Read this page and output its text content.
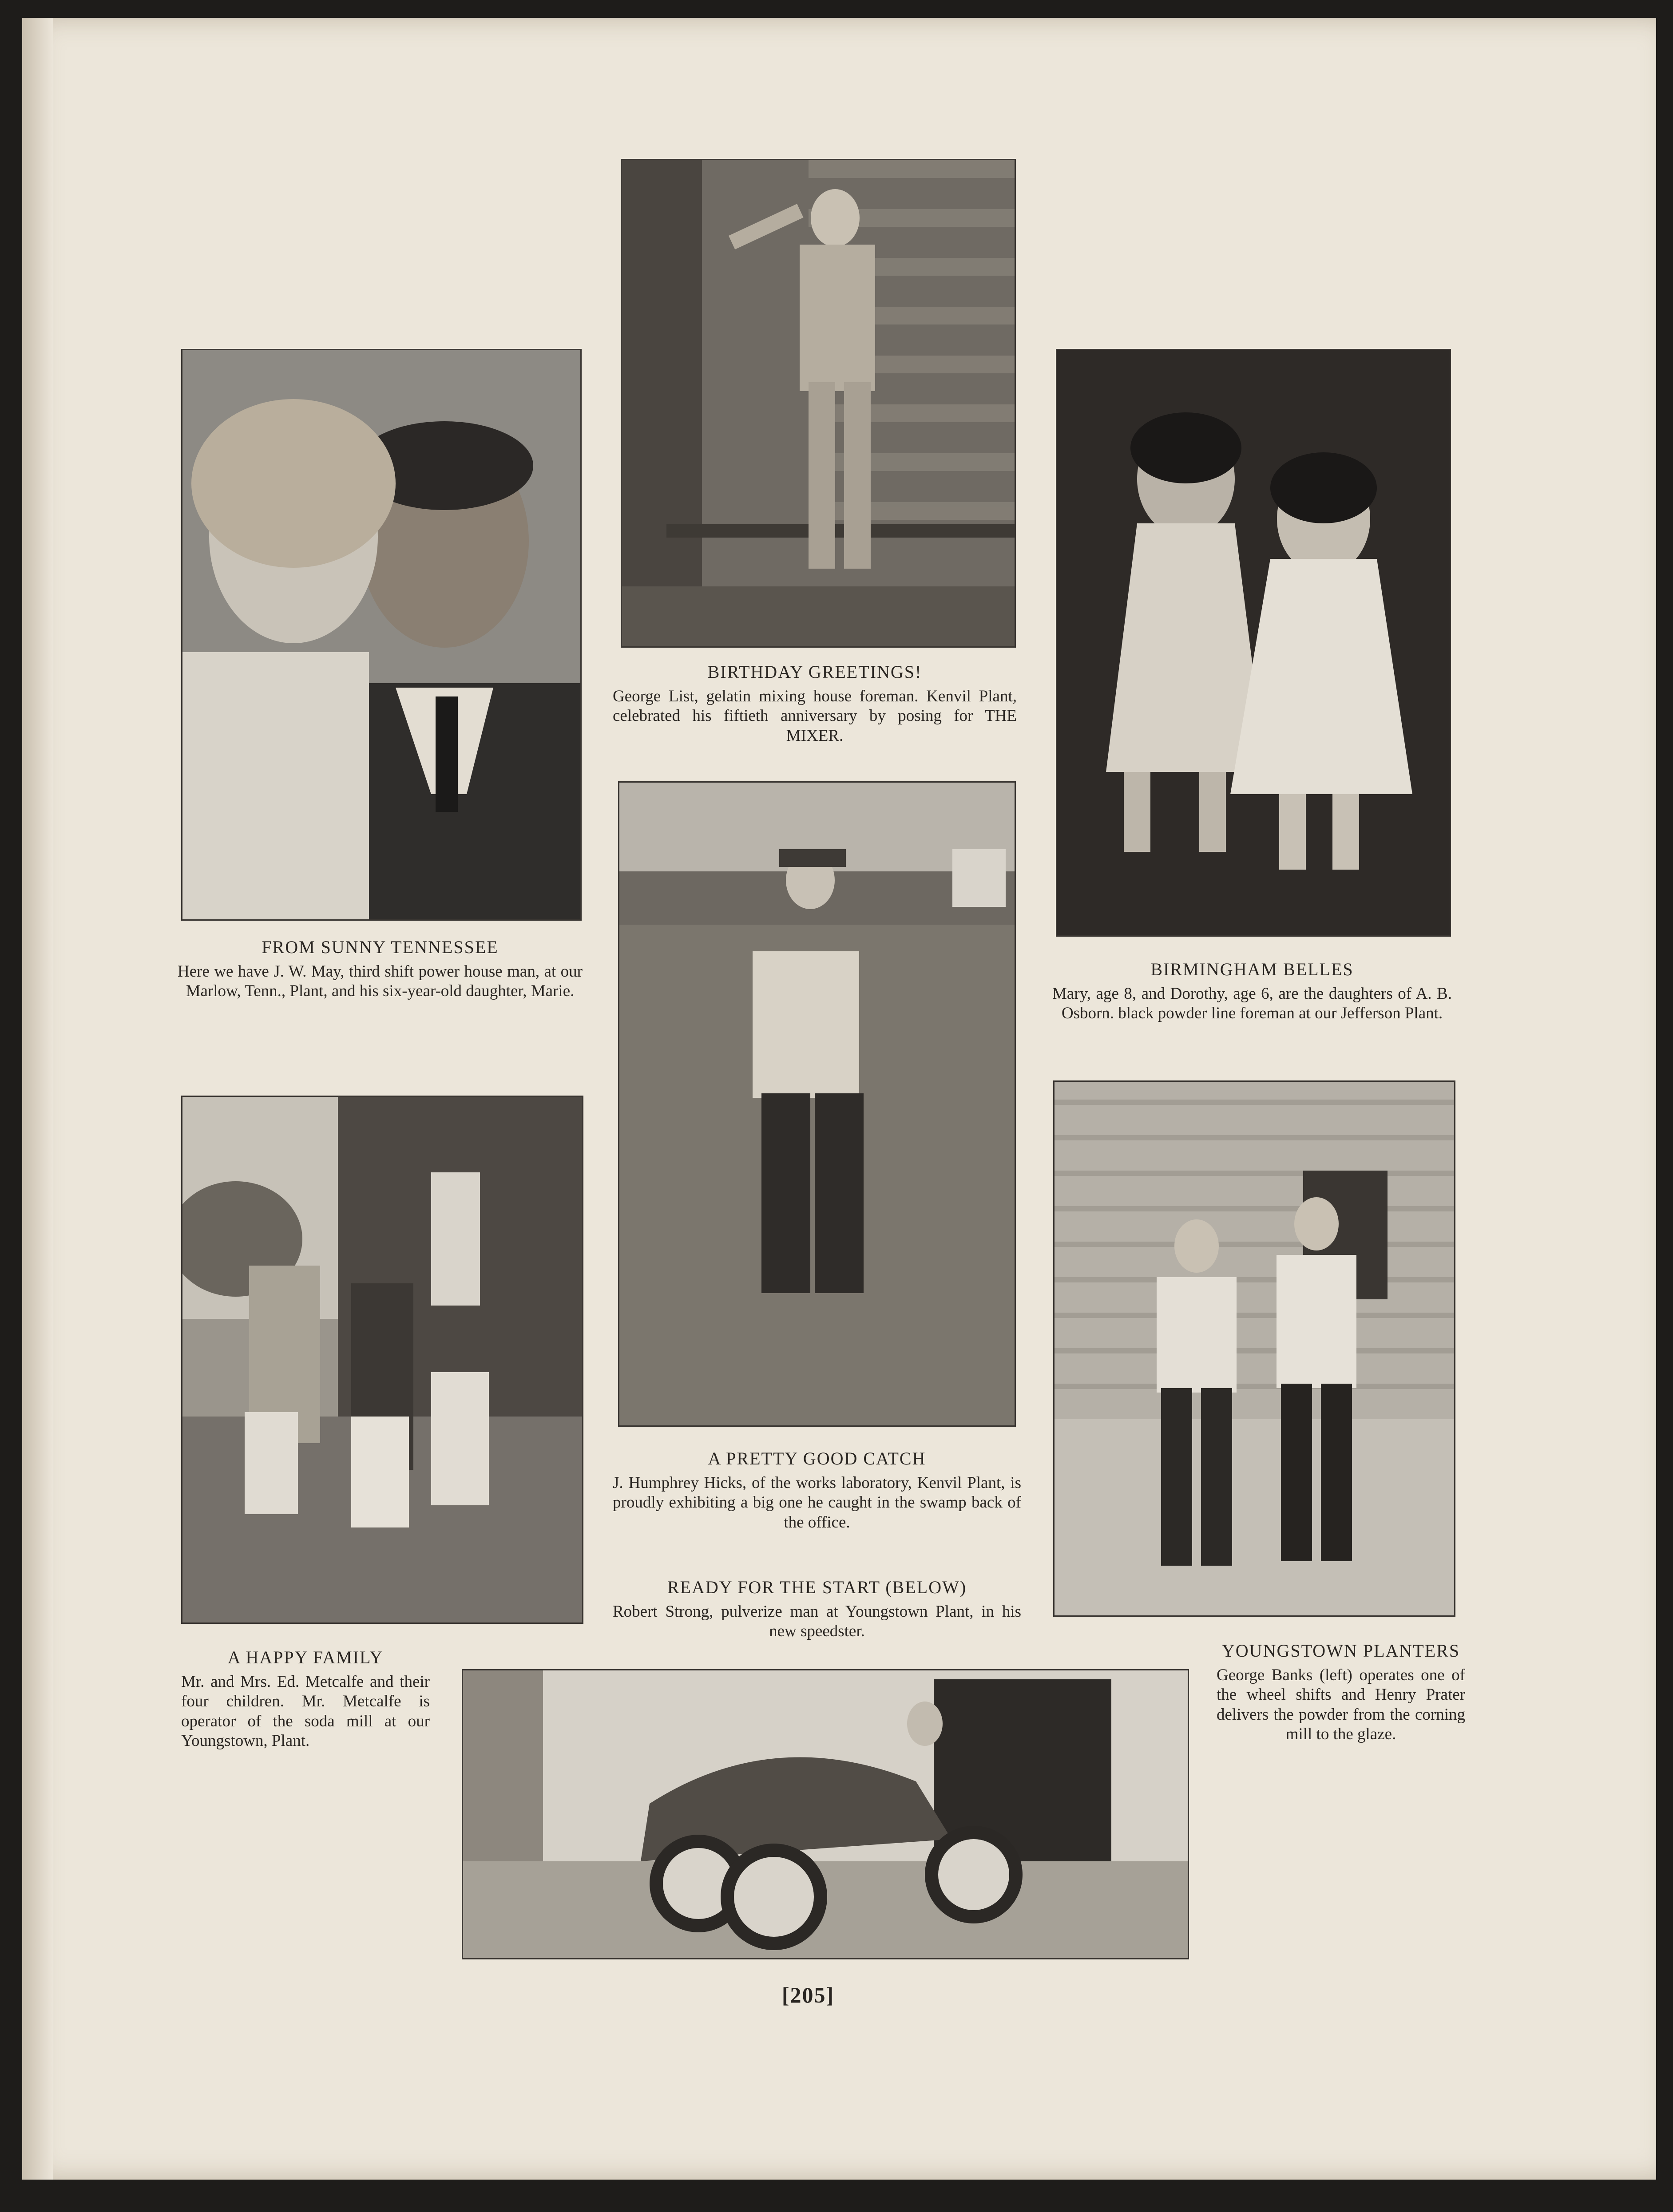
BIRTHDAY GREETINGS!
George List, gelatin mixing house foreman. Kenvil Plant, celebrated his fiftieth anniversary by posing for THE MIXER.
FROM SUNNY TENNESSEE
Here we have J. W. May, third shift power house man, at our Marlow, Tenn., Plant, and his six-year-old daughter, Marie.
BIRMINGHAM BELLES
Mary, age 8, and Dorothy, age 6, are the daughters of A. B. Osborn. black powder line foreman at our Jefferson Plant.
A PRETTY GOOD CATCH
J. Humphrey Hicks, of the works laboratory, Kenvil Plant, is proudly exhibiting a big one he caught in the swamp back of the office.
READY FOR THE START (BELOW)
Robert Strong, pulverize man at Youngstown Plant, in his new speedster.
A HAPPY FAMILY
Mr. and Mrs. Ed. Metcalfe and their four children. Mr. Metcalfe is operator of the soda mill at our Youngstown, Plant.
YOUNGSTOWN PLANTERS
George Banks (left) operates one of the wheel shifts and Henry Prater delivers the powder from the corning mill to the glaze.
[205]
